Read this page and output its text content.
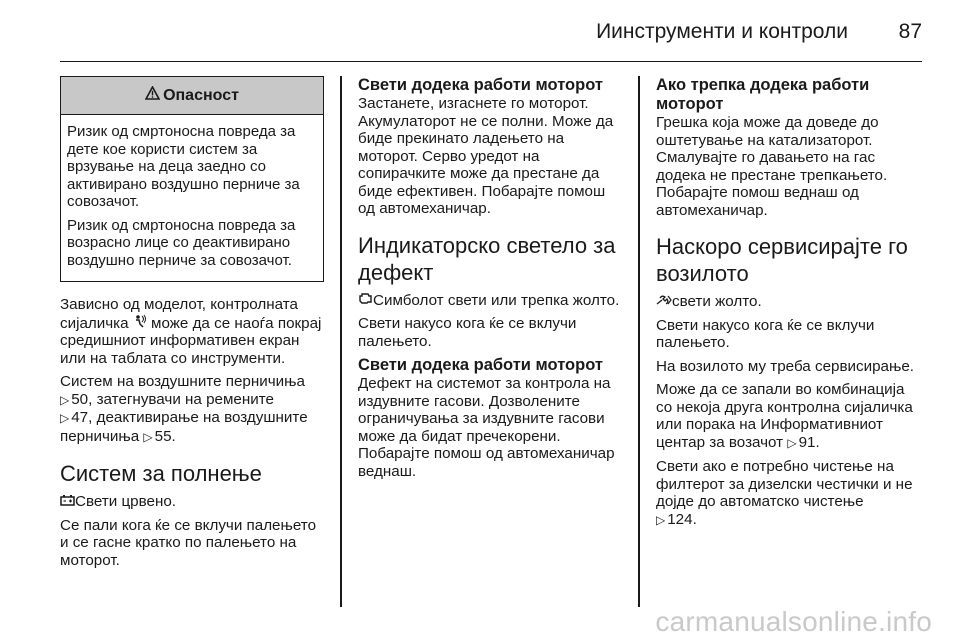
Иинструменти и контроли 87
Опасност

Ризик од смртоносна повреда за дете кое користи систем за врзување на деца заедно со активирано воздушно перниче за совозачот.

Ризик од смртоносна повреда за возрасно лице со деактивирано воздушно перниче за совозачот.

Зависно од моделот, контролната сијаличка  може да се наоѓа покрај средишниот информативен екран или на таблата со инструменти.

Систем на воздушните перничиња
▷ 50, затегнувачи на ремените
▷ 47, деактивирање на воздушните перничиња ▷ 55.

Систем за полнење

Свети црвено.

Се пали кога ќе се вклучи палењето и се гасне кратко по палењето на моторот.

Свети додека работи моторот

Застанете, изгаснете го моторот. Акумулаторот не се полни. Може да биде прекинато ладењето на моторот. Серво уредот на сопирачките може да престане да биде ефективен. Побарајте помош од автомеханичар.

Индикаторско светело за дефект

Симболот свети или трепка жолто.

Свети накусо кога ќе се вклучи палењето.

Свети додека работи моторот

Дефект на системот за контрола на издувните гасови. Дозволените ограничувања за издувните гасови може да бидат пречекорени. Побарајте помош од автомеханичар веднаш.

Ако трепка додека работи моторот

Грешка која може да доведе до оштетување на катализаторот. Смалувајте го давањето на гас додека не престане трепкањето. Побарајте помош веднаш од автомеханичар.

Наскоро сервисирајте го возилото

свети жолто.

Свети накусо кога ќе се вклучи палењето.

На возилото му треба сервисирање.

Може да се запали во комбинација со некоја друга контролна сијаличка или порака на Информативниот центар за возачот ▷ 91.

Свети ако е потребно чистење на филтерот за дизелски честички и не дојде до автоматско чистење
▷ 124.

carmanualsonline.info
